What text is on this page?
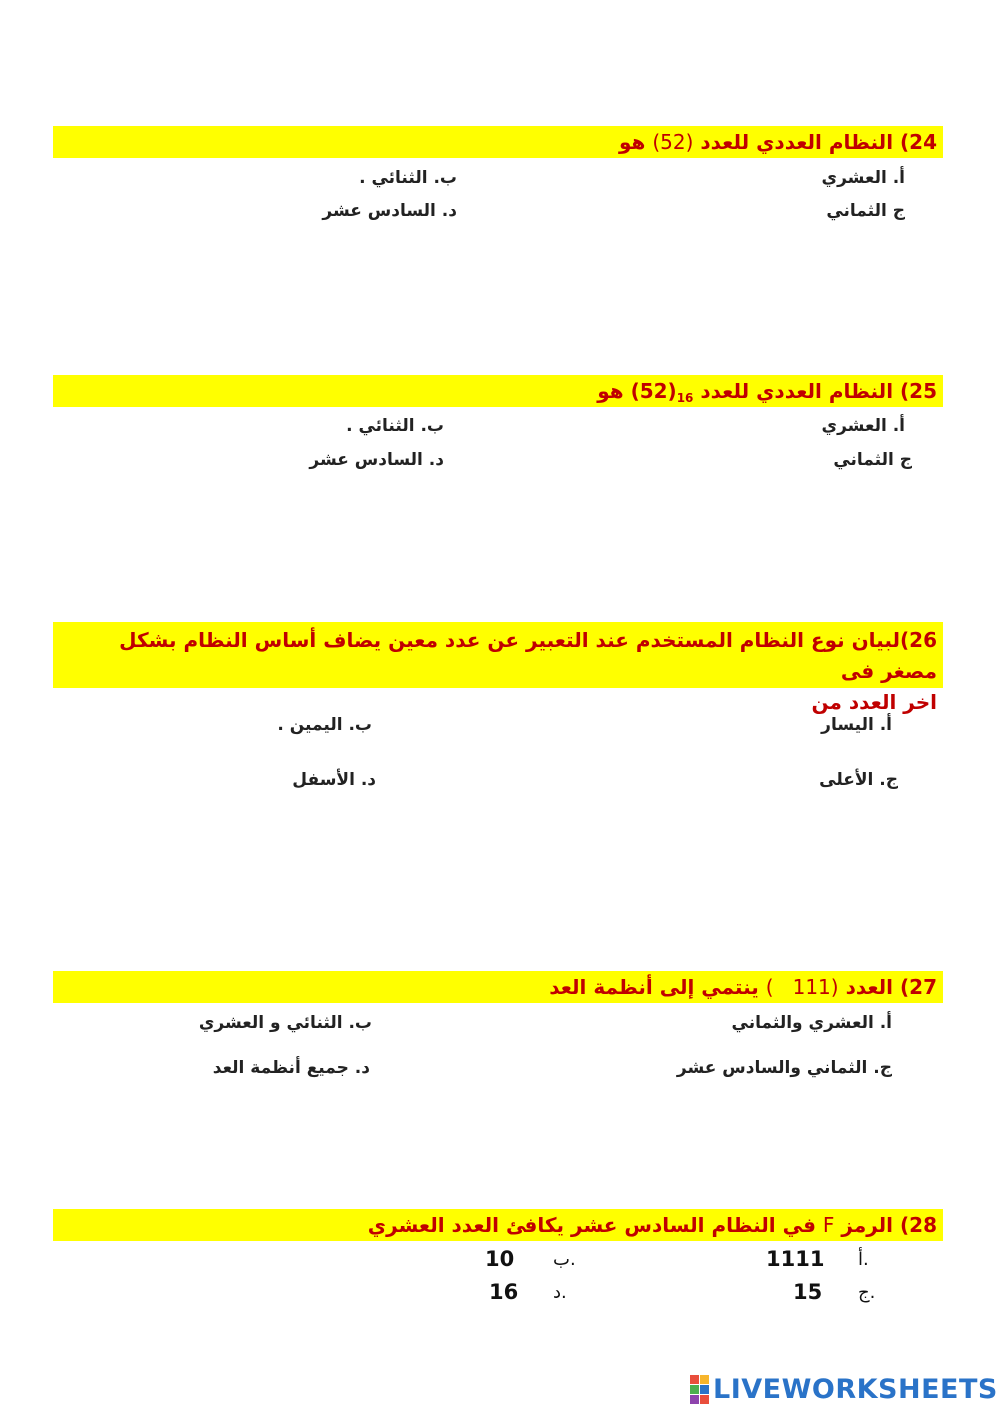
24) النظام العددي للعدد (52) هو
أ. العشري
ب. الثنائي .
ج الثماني
د. السادس عشر
25) النظام العددي للعدد $_{16}$(52) هو
أ. العشري
ب. الثنائي .
ج الثماني
د. السادس عشر
26)لبيان نوع النظام المستخدم عند التعبير عن عدد معين يضاف أساس النظام بشكل مصغر فى
اخر العدد من
أ. اليسار
ب. اليمين .
ج. الأعلى
د. الأسفل
27) العدد (111   ) ينتمي إلى أنظمة العد
أ. العشري والثماني
ب. الثنائي و العشري
ج. الثماني والسادس عشر
د. جميع أنظمة العد
28) الرمز F في النظام السادس عشر يكافئ العدد العشري
أ.
1111
ب.
10
ج.
15
د.
16
LIVEWORKSHEETS
